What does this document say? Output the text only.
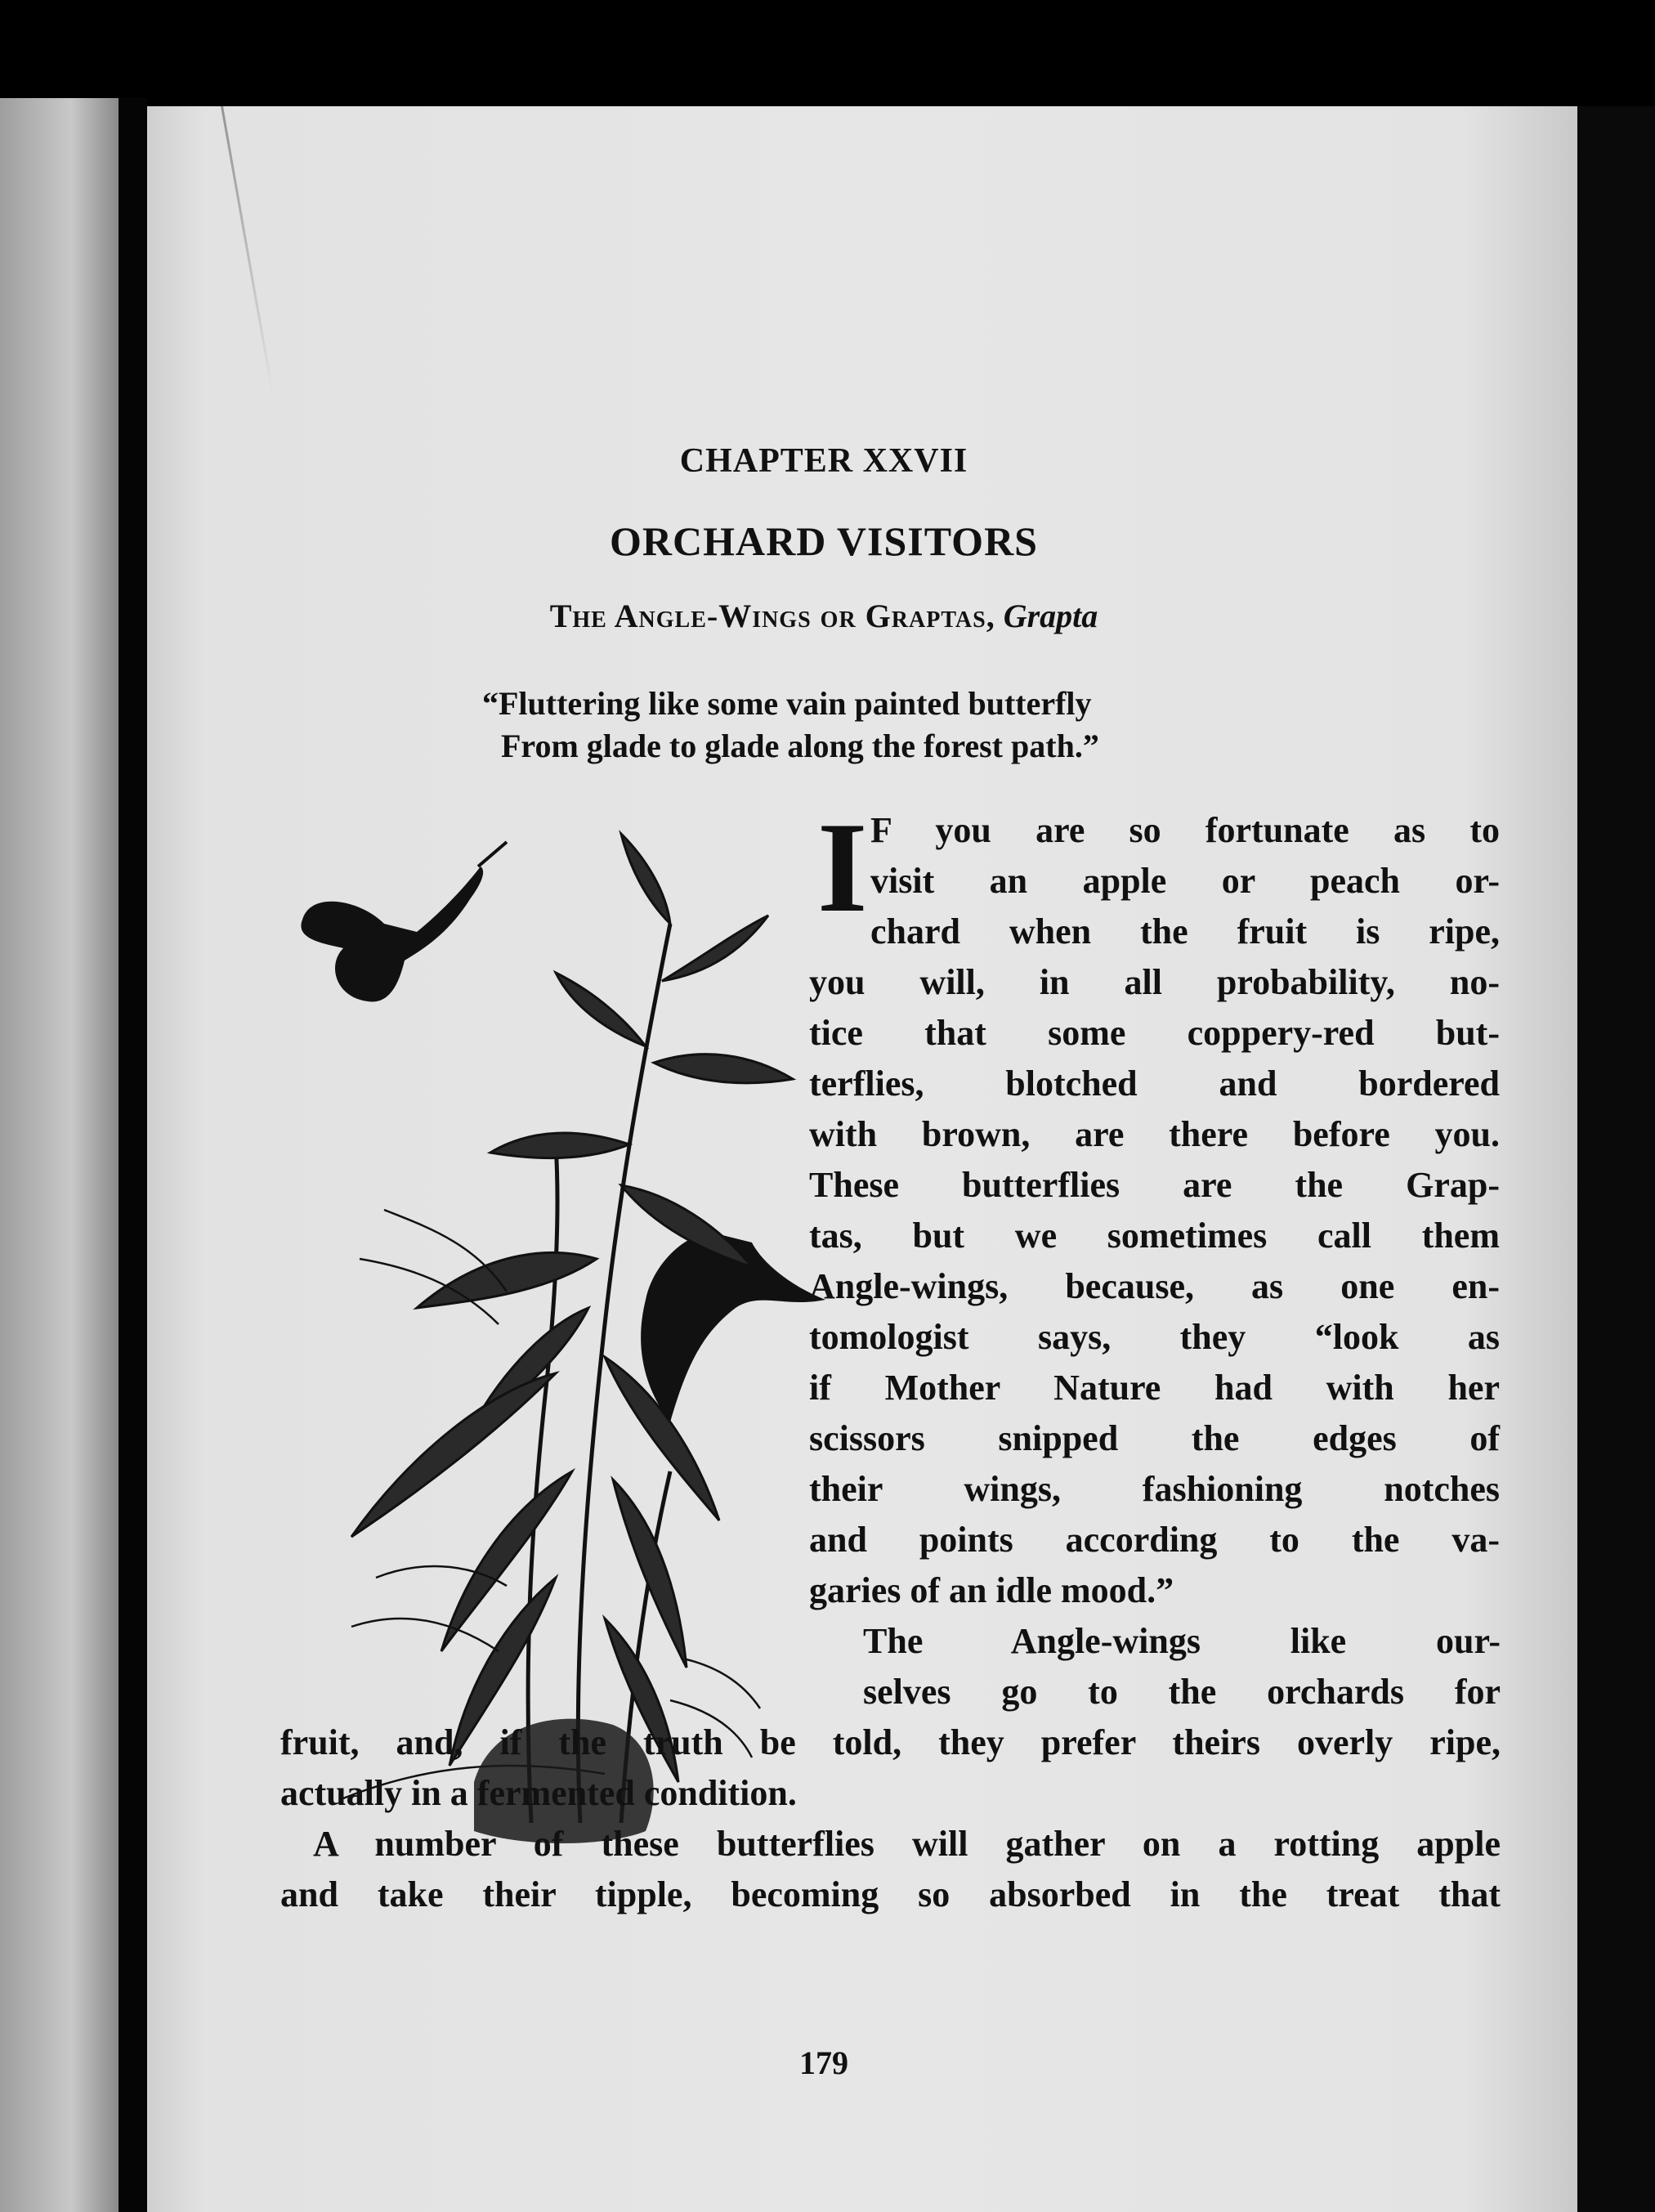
CHAPTER XXVII
ORCHARD VISITORS
The Angle-Wings or Graptas, Grapta
“Fluttering like some vain painted butterfly
From glade to glade along the forest path.”
I F you are so fortunate as to
visit an apple or peach or-
chard when the fruit is ripe,
you will, in all probability, no-
tice that some coppery-red but-
terflies, blotched and bordered
with brown, are there before you.
These butterflies are the Grap-
tas, but we sometimes call them
Angle-wings, because, as one en-
tomologist says, they “look as
if Mother Nature had with her
scissors snipped the edges of
their wings, fashioning notches
and points according to the va-
garies of an idle mood.”
The Angle-wings like our-
selves go to the orchards for
fruit, and, if the truth be told, they prefer theirs overly ripe,
actually in a fermented condition.
A number of these butterflies will gather on a rotting apple
and take their tipple, becoming so absorbed in the treat that
179
